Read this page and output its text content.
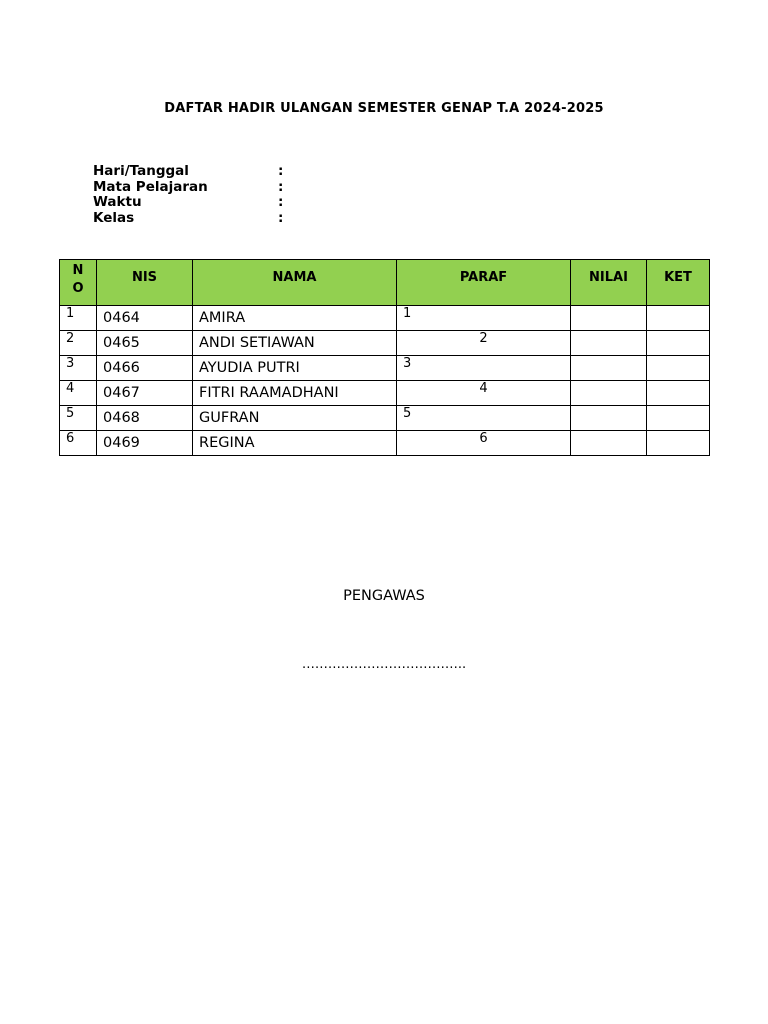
DAFTAR HADIR ULANGAN SEMESTER GENAP T.A 2024-2025
Hari/Tanggal	:
Mata Pelajaran	:
Waktu	:
Kelas	:
N
O	NIS	NAMA	PARAF	NILAI	KET

1	0464	AMIRA	1		

2	0465	ANDI SETIAWAN	2		

3	0466	AYUDIA PUTRI	3		

4	0467	FITRI RAAMADHANI	4		

5	0468	GUFRAN	5		

6	0469	REGINA	6		

PENGAWAS
………………………………..
